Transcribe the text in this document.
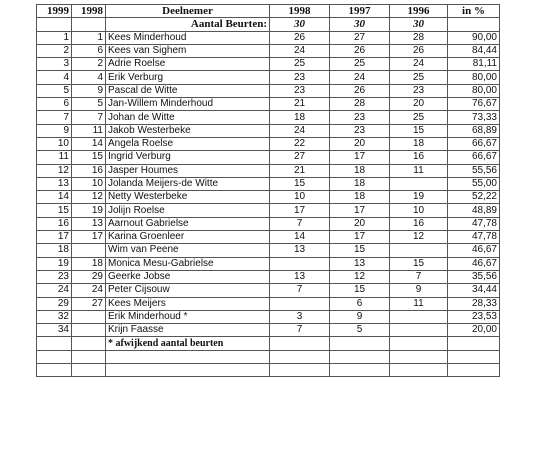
1999	1998	Deelnemer	1998	1997	1996	in %
		Aantal Beurten:	30	30	30	
1	1	Kees Minderhoud	26	27	28	90,00
2	6	Kees van Sighem	24	26	26	84,44
3	2	Adrie Roelse	25	25	24	81,11
4	4	Erik Verburg	23	24	25	80,00
5	9	Pascal de Witte	23	26	23	80,00
6	5	Jan-Willem Minderhoud	21	28	20	76,67
7	7	Johan de Witte	18	23	25	73,33
9	11	Jakob Westerbeke	24	23	15	68,89
10	14	Angela Roelse	22	20	18	66,67
11	15	Ingrid Verburg	27	17	16	66,67
12	16	Jasper Houmes	21	18	11	55,56
13	10	Jolanda Meijers-de Witte	15	18		55,00
14	12	Netty Westerbeke	10	18	19	52,22
15	19	Jolijn Roelse	17	17	10	48,89
16	13	Aarnout Gabrielse	7	20	16	47,78
17	17	Karina Groenleer	14	17	12	47,78
18		Wim van Peene	13	15		46,67
19	18	Monica Mesu-Gabrielse		13	15	46,67
23	29	Geerke Jobse	13	12	7	35,56
24	24	Peter Cijsouw	7	15	9	34,44
29	27	Kees Meijers		6	11	28,33
32		Erik Minderhoud *	3	9		23,53
34		Krijn Faasse	7	5		20,00
		* afwijkend aantal beurten				
